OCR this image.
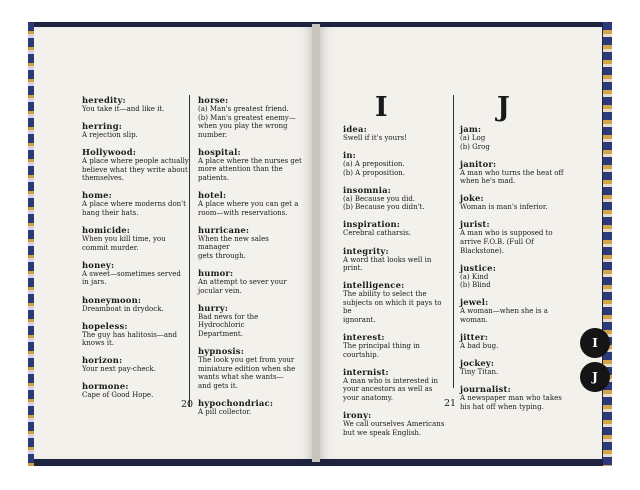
heredity:
You take it—and like it.
herring:
A rejection slip.
Hollywood:
A place where people actually
believe what they write about
themselves.
home:
A place where moderns don't
hang their hats.
homicide:
When you kill time, you
commit murder.
honey:
A sweet—sometimes served
in jars.
honeymoon:
Dreamboat in drydock.
hopeless:
The guy has halitosis—and
knows it.
horizon:
Your next pay-check.
hormone:
Cape of Good Hope.
horse:
(a) Man's greatest friend.
(b) Man's greatest enemy—
when you play the wrong
number.
hospital:
A place where the nurses get
more attention than the
patients.
hotel:
A place where you can get a
room—with reservations.
hurricane:
When the new sales manager
gets through.
humor:
An attempt to sever your
jocular vein.
hurry:
Bad news for the Hydrochloric
Department.
hypnosis:
The look you get from your
miniature edition when she
wants what she wants—
and gets it.
hypochondriac:
A pill collector.
20
I	J
idea:
Swell if it's yours!
in:
(a) A preposition.
(b) A proposition.
insomnia:
(a) Because you did.
(b) Because you didn't.
inspiration:
Cerebral catharsis.
integrity:
A word that looks well in print.
intelligence:
The ability to select the
subjects on which it pays to be
ignorant.
interest:
The principal thing in
courtship.
internist:
A man who is interested in
your ancestors as well as
your anatomy.
irony:
We call ourselves Americans
but we speak English.
jam:
(a) Log
(b) Grog
janitor:
A man who turns the heat off
when he's mad.
joke:
Woman is man's inferior.
jurist:
A man who is supposed to
arrive F.O.B. (Full Of
Blackstone).
justice:
(a) Kind
(b) Blind
jewel:
A woman—when she is a
woman.
jitter:
A bad bug.
jockey:
Tiny Titan.
journalist:
A newspaper man who takes
his hat off when typing.
21
I
J
